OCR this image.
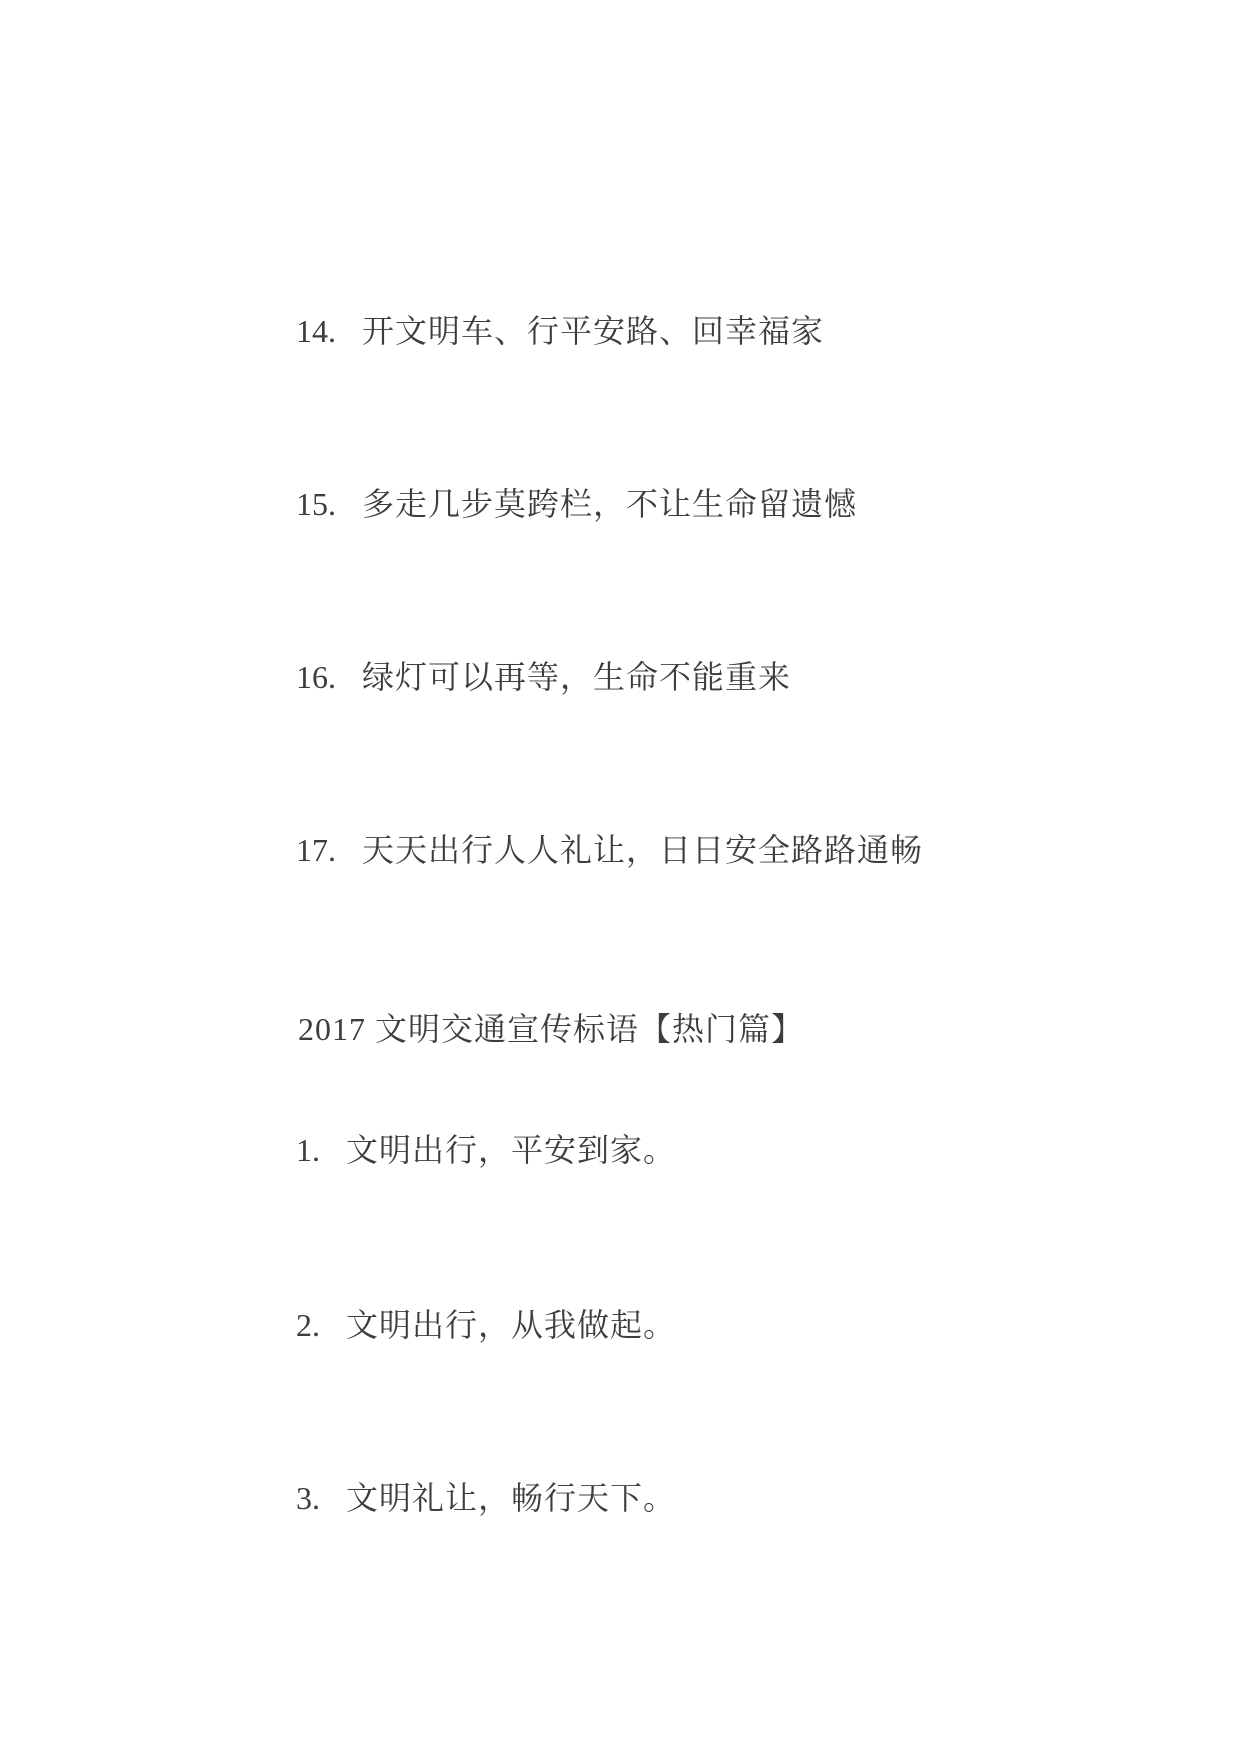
14. 开文明车、行平安路、回幸福家

15. 多走几步莫跨栏，不让生命留遗憾

16. 绿灯可以再等，生命不能重来

17. 天天出行人人礼让，日日安全路路通畅

2017 文明交通宣传标语【热门篇】

1. 文明出行，平安到家。

2. 文明出行，从我做起。

3. 文明礼让，畅行天下。
